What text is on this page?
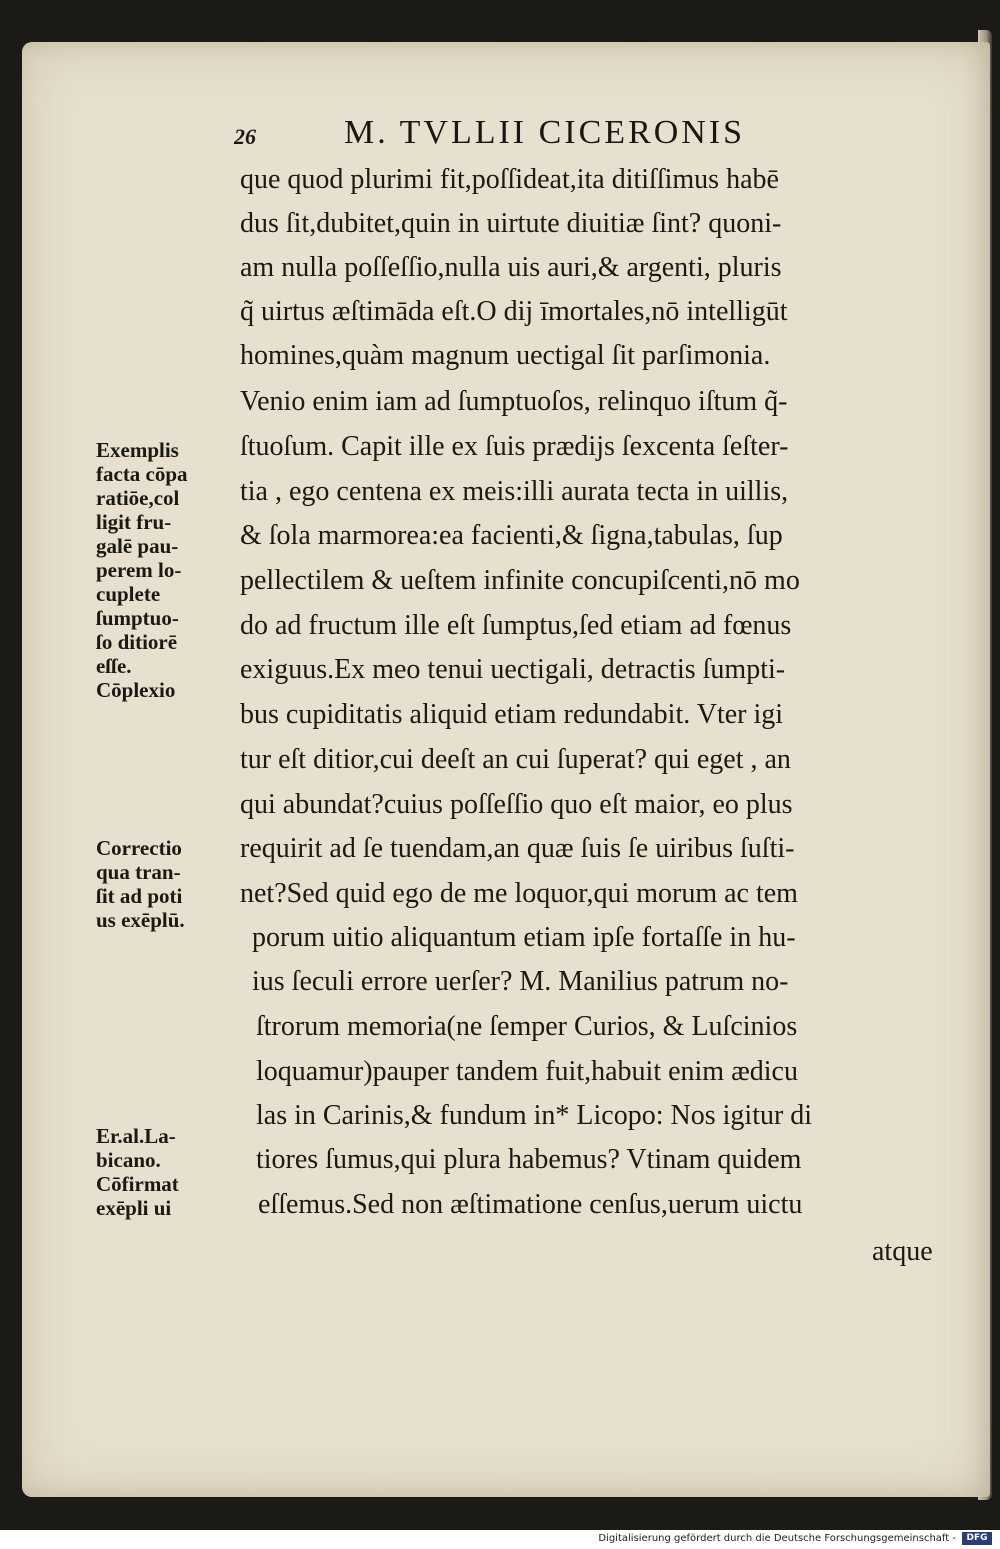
26	M. TVLLII CICERONIS
que quod plurimi fit,poſſideat,ita ditiſſimus habē
dus ſit,dubitet,quin in uirtute diuitiæ ſint? quoni-
am nulla poſſeſſio,nulla uis auri,& argenti, pluris
q̃ uirtus æſtimāda eſt.O dij īmortales,nō intelligūt
homines,quàm magnum uectigal ſit parſimonia.
Venio enim iam ad ſumptuoſos, relinquo iſtum q̃-
ſtuoſum. Capit ille ex ſuis prædijs ſexcenta ſeſter-
tia , ego centena ex meis:illi aurata tecta in uillis,
& ſola marmorea:ea facienti,& ſigna,tabulas, ſup
pellectilem & ueſtem infinite concupiſcenti,nō mo
do ad fructum ille eſt ſumptus,ſed etiam ad fœnus
exiguus.Ex meo tenui uectigali, detractis ſumpti-
bus cupiditatis aliquid etiam redundabit. Vter igi
tur eſt ditior,cui deeſt an cui ſuperat? qui eget , an
qui abundat?cuius poſſeſſio quo eſt maior, eo plus
requirit ad ſe tuendam,an quæ ſuis ſe uiribus ſuſti-
net?Sed quid ego de me loquor,qui morum ac tem
porum uitio aliquantum etiam ipſe fortaſſe in hu-
ius ſeculi errore uerſer? M. Manilius patrum no-
ſtrorum memoria(ne ſemper Curios, & Luſcinios
loquamur)pauper tandem fuit,habuit enim ædicu
las in Carinis,& fundum in* Licopo: Nos igitur di
tiores ſumus,qui plura habemus? Vtinam quidem
eſſemus.Sed non æſtimatione cenſus,uerum uictu
atque
Exemplis
facta cōpa
ratiōe,col
ligit fru-
galē pau-
perem lo-
cuplete
ſumptuo-
ſo ditiorē
eſſe.
Cōplexio
Correctio
qua tran-
ſit ad poti
us exēplū.
Er.al.La-
bicano.
Cōfirmat
exēpli ui
Digitalisierung gefördert durch die Deutsche Forschungsgemeinschaft -	DFG
